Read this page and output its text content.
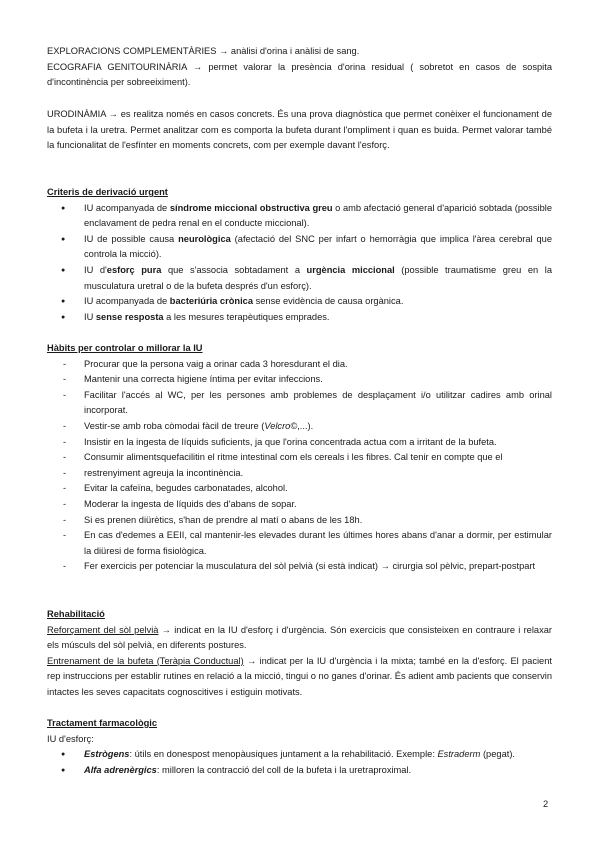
EXPLORACIONS COMPLEMENTÀRIES → anàlisi d'orina i anàlisi de sang.

ECOGRAFIA GENITOURINÀRIA → permet valorar la presència d'orina residual ( sobretot en casos de sospita d'incontinència per sobreeiximent).

URODINÀMIA → es realitza només en casos concrets. És una prova diagnòstica que permet conèixer el funcionament de la bufeta i la uretra. Permet analitzar com es comporta la bufeta durant l'ompliment i quan es buida. Permet valorar també la funcionalitat de l'esfínter en moments concrets, com per exemple davant l'esforç.

Criteris de derivació urgent

● IU acompanyada de síndrome miccional obstructiva greu o amb afectació general d'aparició sobtada (possible enclavament de pedra renal en el conducte miccional).
● IU de possible causa neurològica (afectació del SNC per infart o hemorràgia que implica l'àrea cerebral que controla la micció).
● IU d'esforç pura que s'associa sobtadament a urgència miccional (possible traumatisme greu en la musculatura uretral o de la bufeta després d'un esforç).
● IU acompanyada de bacteriúria crònica sense evidència de causa orgànica.
● IU sense resposta a les mesures terapèutiques emprades.

Hàbits per controlar o millorar la IU

- Procurar que la persona vaig a orinar cada 3 horesdurant el dia.
- Mantenir una correcta higiene íntima per evitar infeccions.
- Facilitar l'accés al WC, per les persones amb problemes de desplaçament i/o utilitzar cadires amb orinal incorporat.
- Vestir-se amb roba còmodai fàcil de treure (Velcro©,...).
- Insistir en la ingesta de líquids suficients, ja que l'orina concentrada actua com a irritant de la bufeta.
- Consumir alimentsquefacilitin el ritme intestinal com els cereals i les fibres. Cal tenir en compte que el
- restrenyiment agreuja la incontinència.
- Evitar la cafeïna, begudes carbonatades, alcohol.
- Moderar la ingesta de líquids des d'abans de sopar.
- Si es prenen diürètics, s'han de prendre al matí o abans de les 18h.
- En cas d'edemes a EEII, cal mantenir-les elevades durant les últimes hores abans d'anar a dormir, per estimular la diüresi de forma fisiològica.
- Fer exercicis per potenciar la musculatura del sòl pelvià (si està indicat) → cirurgia sol pèlvic, prepart-postpart

Rehabilitació

Reforçament del sòl pelvià → indicat en la IU d'esforç i d'urgència. Són exercicis que consisteixen en contraure i relaxar els músculs del sòl pelvià, en diferents postures.

Entrenament de la bufeta (Teràpia Conductual) → indicat per la IU d'urgència i la mixta; també en la d'esforç. El pacient rep instruccions per establir rutines en relació a la micció, tingui o no ganes d'orinar. És adient amb pacients que conservin intactes les seves capacitats cognoscitives i estiguin motivats.

Tractament farmacològic

IU d'esforç:

● Estrògens: útils en donespost menopàusiques juntament a la rehabilitació. Exemple: Estraderm (pegat).
● Alfa adrenèrgics: milloren la contracció del coll de la bufeta i la uretraproximal.
2
